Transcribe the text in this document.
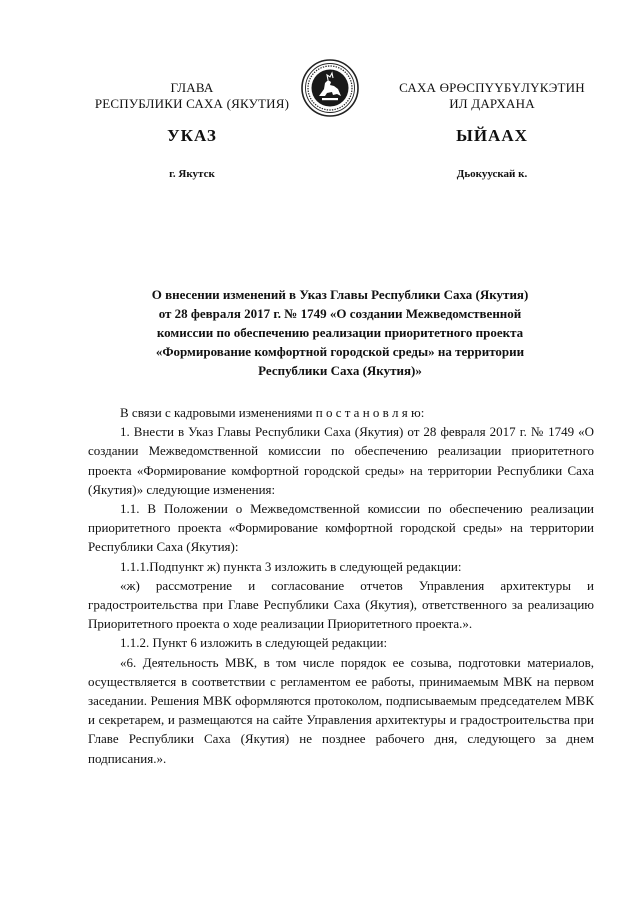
ГЛАВА
РЕСПУБЛИКИ САХА (ЯКУТИЯ)
САХА ӨРӨСПҮҮБҮЛҮКЭТИН
ИЛ ДАРХАНА
УКАЗ	ЫЙААХ
г. Якутск	Дьокуускай к.
О внесении изменений в Указ Главы Республики Саха (Якутия)
от 28 февраля 2017 г. № 1749 «О создании Межведомственной
комиссии по обеспечению реализации приоритетного проекта
«Формирование комфортной городской среды» на территории
Республики Саха (Якутия)»

В связи с кадровыми изменениями п о с т а н о в л я ю:

1. Внести в Указ Главы Республики Саха (Якутия) от 28 февраля 2017 г. № 1749 «О создании Межведомственной комиссии по обеспечению реализации приоритетного проекта «Формирование комфортной городской среды» на территории Республики Саха (Якутия)» следующие изменения:

1.1. В Положении о Межведомственной комиссии по обеспечению реализации приоритетного проекта «Формирование комфортной городской среды» на территории Республики Саха (Якутия):

1.1.1.Подпункт ж) пункта 3 изложить в следующей редакции:

«ж) рассмотрение и согласование отчетов Управления архитектуры и градостроительства при Главе Республики Саха (Якутия), ответственного за реализацию Приоритетного проекта о ходе реализации Приоритетного проекта.».

1.1.2. Пункт 6 изложить в следующей редакции:

«6. Деятельность МВК, в том числе порядок ее созыва, подготовки материалов, осуществляется в соответствии с регламентом ее работы, принимаемым МВК на первом заседании. Решения МВК оформляются протоколом, подписываемым председателем МВК и секретарем, и размещаются на сайте Управления архитектуры и градостроительства при Главе Республики Саха (Якутия) не позднее рабочего дня, следующего за днем подписания.».
